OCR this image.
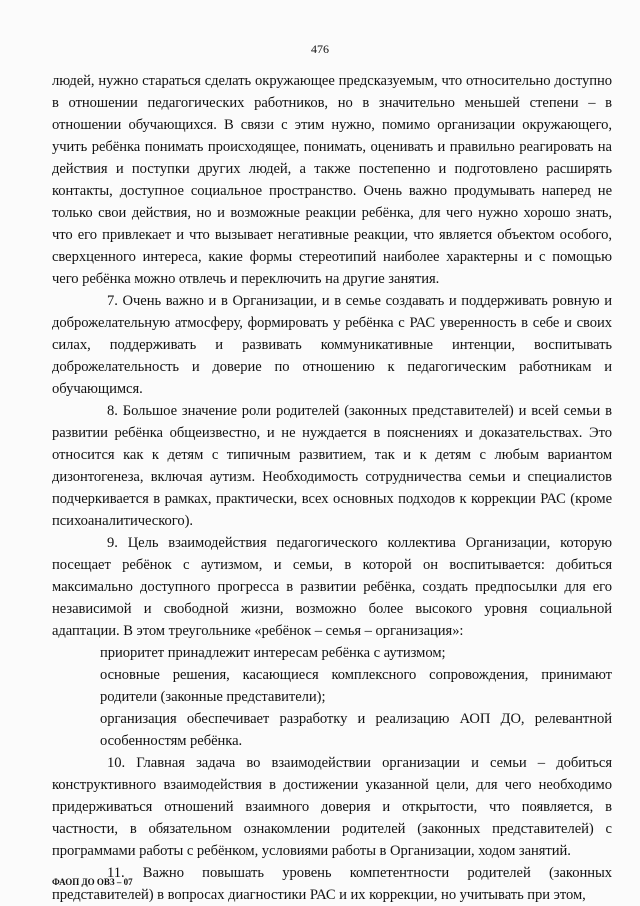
476

людей, нужно стараться сделать окружающее предсказуемым, что относительно доступно в отношении педагогических работников, но в значительно меньшей степени – в отношении обучающихся. В связи с этим нужно, помимо организации окружающего, учить ребёнка понимать происходящее, понимать, оценивать и правильно реагировать на действия и поступки других людей, а также постепенно и подготовлено расширять контакты, доступное социальное пространство. Очень важно продумывать наперед не только свои действия, но и возможные реакции ребёнка, для чего нужно хорошо знать, что его привлекает и что вызывает негативные реакции, что является объектом особого, сверхценного интереса, какие формы стереотипий наиболее характерны и с помощью чего ребёнка можно отвлечь и переключить на другие занятия.

7. Очень важно и в Организации, и в семье создавать и поддерживать ровную и доброжелательную атмосферу, формировать у ребёнка с РАС уверенность в себе и своих силах, поддерживать и развивать коммуникативные интенции, воспитывать доброжелательность и доверие по отношению к педагогическим работникам и обучающимся.

8. Большое значение роли родителей (законных представителей) и всей семьи в развитии ребёнка общеизвестно, и не нуждается в пояснениях и доказательствах. Это относится как к детям с типичным развитием, так и к детям с любым вариантом дизонтогенеза, включая аутизм. Необходимость сотрудничества семьи и специалистов подчеркивается в рамках, практически, всех основных подходов к коррекции РАС (кроме психоаналитического).

9. Цель взаимодействия педагогического коллектива Организации, которую посещает ребёнок с аутизмом, и семьи, в которой он воспитывается: добиться максимально доступного прогресса в развитии ребёнка, создать предпосылки для его независимой и свободной жизни, возможно более высокого уровня социальной адаптации. В этом треугольнике «ребёнок – семья – организация»:

приоритет принадлежит интересам ребёнка с аутизмом;

основные решения, касающиеся комплексного сопровождения, принимают родители (законные представители);

организация обеспечивает разработку и реализацию АОП ДО, релевантной особенностям ребёнка.

10. Главная задача во взаимодействии организации и семьи – добиться конструктивного взаимодействия в достижении указанной цели, для чего необходимо придерживаться отношений взаимного доверия и открытости, что появляется, в частности, в обязательном ознакомлении родителей (законных представителей) с программами работы с ребёнком, условиями работы в Организации, ходом занятий.

11. Важно повышать уровень компетентности родителей (законных представителей) в вопросах диагностики РАС и их коррекции, но учитывать при этом,

ФАОП ДО ОВЗ – 07
